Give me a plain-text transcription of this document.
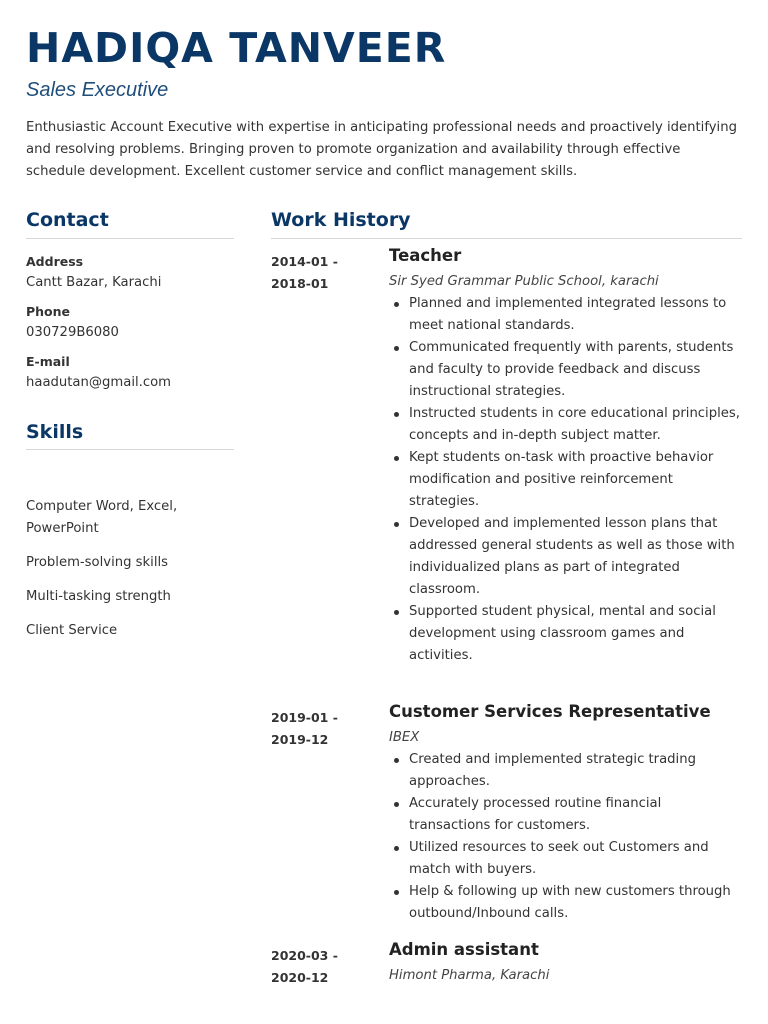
HADIQA TANVEER

Sales Executive

Enthusiastic Account Executive with expertise in anticipating professional needs and proactively identifying and resolving problems. Bringing proven to promote organization and availability through effective schedule development. Excellent customer service and conflict management skills.

Contact

Address

Cantt Bazar, Karachi

Phone

030729B6080

E-mail

haadutan@gmail.com

Skills
Computer Word, Excel, PowerPoint
Problem-solving skills
Multi-tasking strength
Client Service
Work History
2014-01 -
2018-01
Teacher

Sir Syed Grammar Public School, karachi

Planned and implemented integrated lessons to meet national standards.
Communicated frequently with parents, students and faculty to provide feedback and discuss instructional strategies.
Instructed students in core educational principles, concepts and in-depth subject matter.
Kept students on-task with proactive behavior modification and positive reinforcement strategies.
Developed and implemented lesson plans that addressed general students as well as those with individualized plans as part of integrated classroom.
Supported student physical, mental and social development using classroom games and activities.
2019-01 -
2019-12
Customer Services Representative

IBEX

Created and implemented strategic trading approaches.
Accurately processed routine financial transactions for customers.
Utilized resources to seek out Customers and match with buyers.
Help & following up with new customers through outbound/Inbound calls.
2020-03 -
2020-12
Admin assistant

Himont Pharma, Karachi
